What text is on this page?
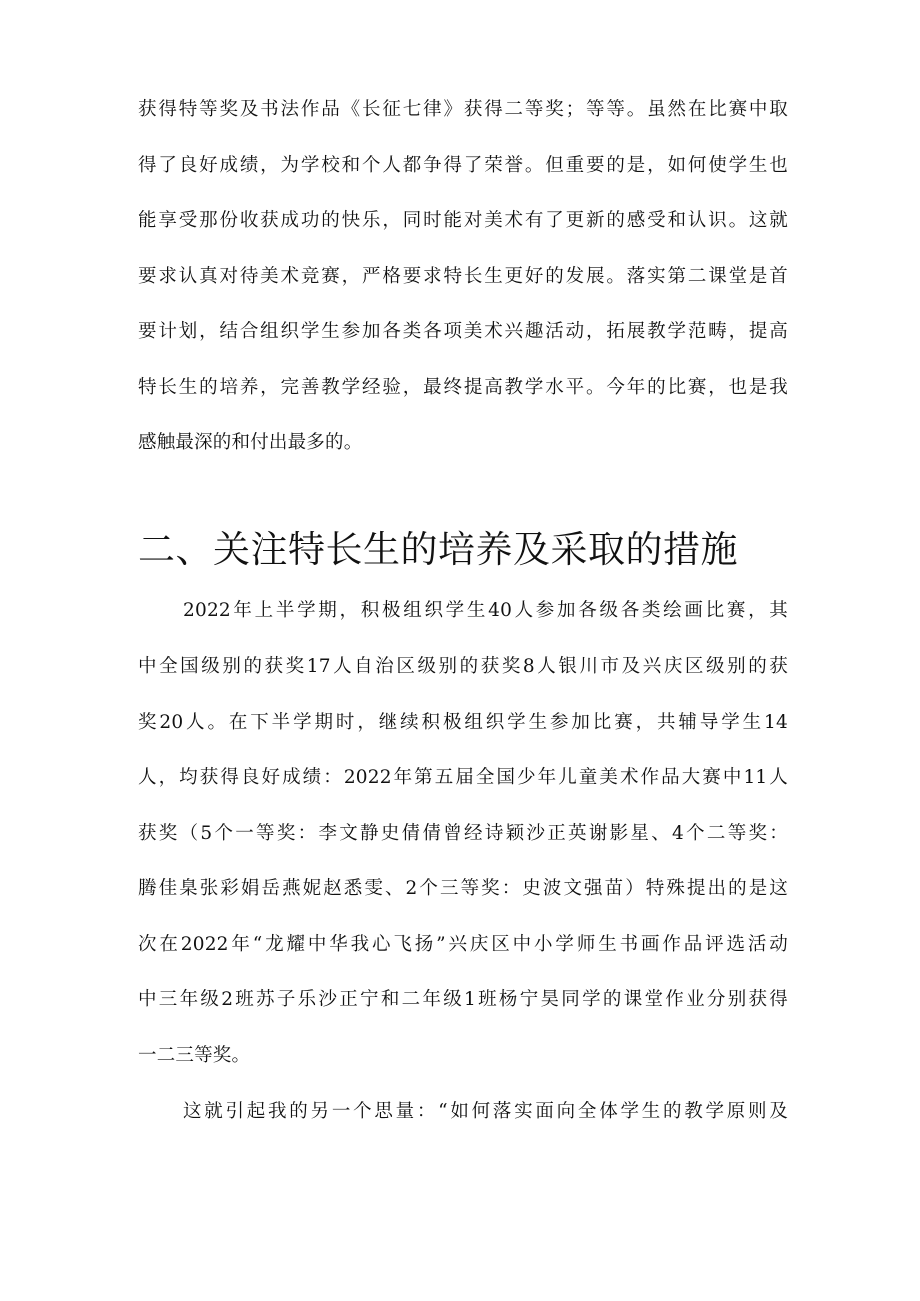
获得特等奖及书法作品《长征七律》获得二等奖；等等。虽然在比赛中取
得了良好成绩，为学校和个人都争得了荣誉。但重要的是，如何使学生也
能享受那份收获成功的快乐，同时能对美术有了更新的感受和认识。这就
要求认真对待美术竞赛，严格要求特长生更好的发展。落实第二课堂是首
要计划，结合组织学生参加各类各项美术兴趣活动，拓展教学范畴，提高
特长生的培养，完善教学经验，最终提高教学水平。今年的比赛，也是我
感触最深的和付出最多的。
二、关注特长生的培养及采取的措施
2022年上半学期，积极组织学生40人参加各级各类绘画比赛，其
中全国级别的获奖17人自治区级别的获奖8人银川市及兴庆区级别的获
奖20人。在下半学期时，继续积极组织学生参加比赛，共辅导学生14
人，均获得良好成绩：2022年第五届全国少年儿童美术作品大赛中11人
获奖（5个一等奖：李文静史倩倩曾经诗颖沙正英谢影星、4个二等奖：
腾佳臬张彩娟岳燕妮赵悉雯、2个三等奖：史波文强苗）特殊提出的是这
次在2022年“龙耀中华我心飞扬”兴庆区中小学师生书画作品评选活动
中三年级2班苏子乐沙正宁和二年级1班杨宁昊同学的课堂作业分别获得
一二三等奖。
这就引起我的另一个思量：“如何落实面向全体学生的教学原则及
